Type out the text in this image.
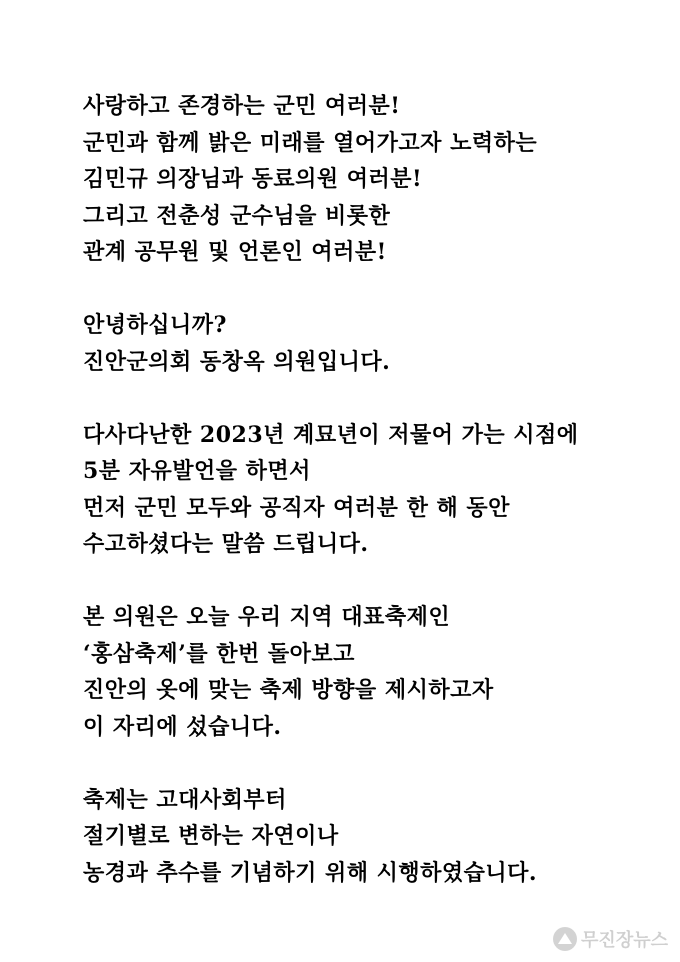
사랑하고 존경하는 군민 여러분!
군민과 함께 밝은 미래를 열어가고자 노력하는
김민규 의장님과 동료의원 여러분!
그리고 전춘성 군수님을 비롯한
관계 공무원 및 언론인 여러분!
안녕하십니까?
진안군의회 동창옥 의원입니다.
다사다난한 2023년 계묘년이 저물어 가는 시점에
5분 자유발언을 하면서
먼저 군민 모두와 공직자 여러분 한 해 동안
수고하셨다는 말씀 드립니다.
본 의원은 오늘 우리 지역 대표축제인
‘홍삼축제’를 한번 돌아보고
진안의 옷에 맞는 축제 방향을 제시하고자
이 자리에 섰습니다.
축제는 고대사회부터
절기별로 변하는 자연이나
농경과 추수를 기념하기 위해 시행하였습니다.
무진장뉴스
